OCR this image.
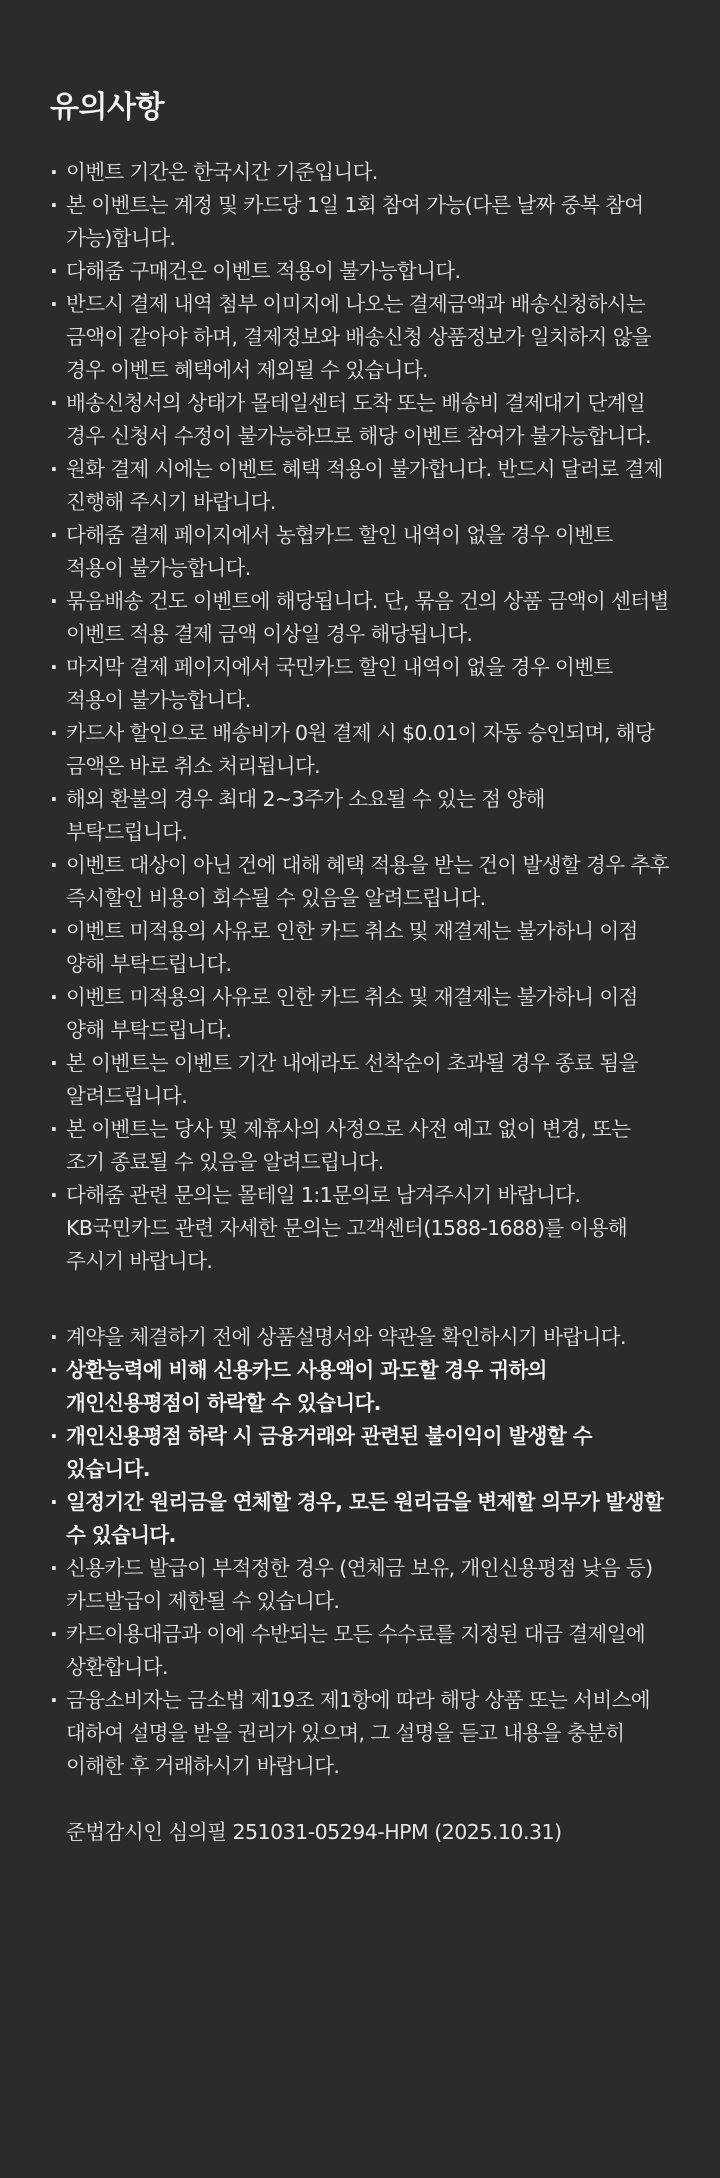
유의사항
· 이벤트 기간은 한국시간 기준입니다.
· 본 이벤트는 계정 및 카드당 1일 1회 참여 가능(다른 날짜 중복 참여 가능)합니다.
· 다해줌 구매건은 이벤트 적용이 불가능합니다.
· 반드시 결제 내역 첨부 이미지에 나오는 결제금액과 배송신청하시는 금액이 같아야 하며, 결제정보와 배송신청 상품정보가 일치하지 않을 경우 이벤트 혜택에서 제외될 수 있습니다.
· 배송신청서의 상태가 몰테일센터 도착 또는 배송비 결제대기 단계일 경우 신청서 수정이 불가능하므로 해당 이벤트 참여가 불가능합니다.
· 원화 결제 시에는 이벤트 혜택 적용이 불가합니다. 반드시 달러로 결제 진행해 주시기 바랍니다.
· 다해줌 결제 페이지에서 농협카드 할인 내역이 없을 경우 이벤트 적용이 불가능합니다.
· 묶음배송 건도 이벤트에 해당됩니다. 단, 묶음 건의 상품 금액이 센터별 이벤트 적용 결제 금액 이상일 경우 해당됩니다.
· 마지막 결제 페이지에서 국민카드 할인 내역이 없을 경우 이벤트 적용이 불가능합니다.
· 카드사 할인으로 배송비가 0원 결제 시 $0.01이 자동 승인되며, 해당 금액은 바로 취소 처리됩니다.
· 해외 환불의 경우 최대 2~3주가 소요될 수 있는 점 양해 부탁드립니다.
· 이벤트 대상이 아닌 건에 대해 혜택 적용을 받는 건이 발생할 경우 추후 즉시할인 비용이 회수될 수 있음을 알려드립니다.
· 이벤트 미적용의 사유로 인한 카드 취소 및 재결제는 불가하니 이점 양해 부탁드립니다.
· 이벤트 미적용의 사유로 인한 카드 취소 및 재결제는 불가하니 이점 양해 부탁드립니다.
· 본 이벤트는 이벤트 기간 내에라도 선착순이 초과될 경우 종료 됨을 알려드립니다.
· 본 이벤트는 당사 및 제휴사의 사정으로 사전 예고 없이 변경, 또는 조기 종료될 수 있음을 알려드립니다.
· 다해줌 관련 문의는 몰테일 1:1문의로 남겨주시기 바랍니다.
KB국민카드 관련 자세한 문의는 고객센터(1588-1688)를 이용해 주시기 바랍니다.
· 계약을 체결하기 전에 상품설명서와 약관을 확인하시기 바랍니다.
· 상환능력에 비해 신용카드 사용액이 과도할 경우 귀하의 개인신용평점이 하락할 수 있습니다.
· 개인신용평점 하락 시 금융거래와 관련된 불이익이 발생할 수 있습니다.
· 일정기간 원리금을 연체할 경우, 모든 원리금을 변제할 의무가 발생할 수 있습니다.
· 신용카드 발급이 부적정한 경우 (연체금 보유, 개인신용평점 낮음 등) 카드발급이 제한될 수 있습니다.
· 카드이용대금과 이에 수반되는 모든 수수료를 지정된 대금 결제일에 상환합니다.
· 금융소비자는 금소법 제19조 제1항에 따라 해당 상품 또는 서비스에 대하여 설명을 받을 권리가 있으며, 그 설명을 듣고 내용을 충분히 이해한 후 거래하시기 바랍니다.
준법감시인 심의필 251031-05294-HPM (2025.10.31)
